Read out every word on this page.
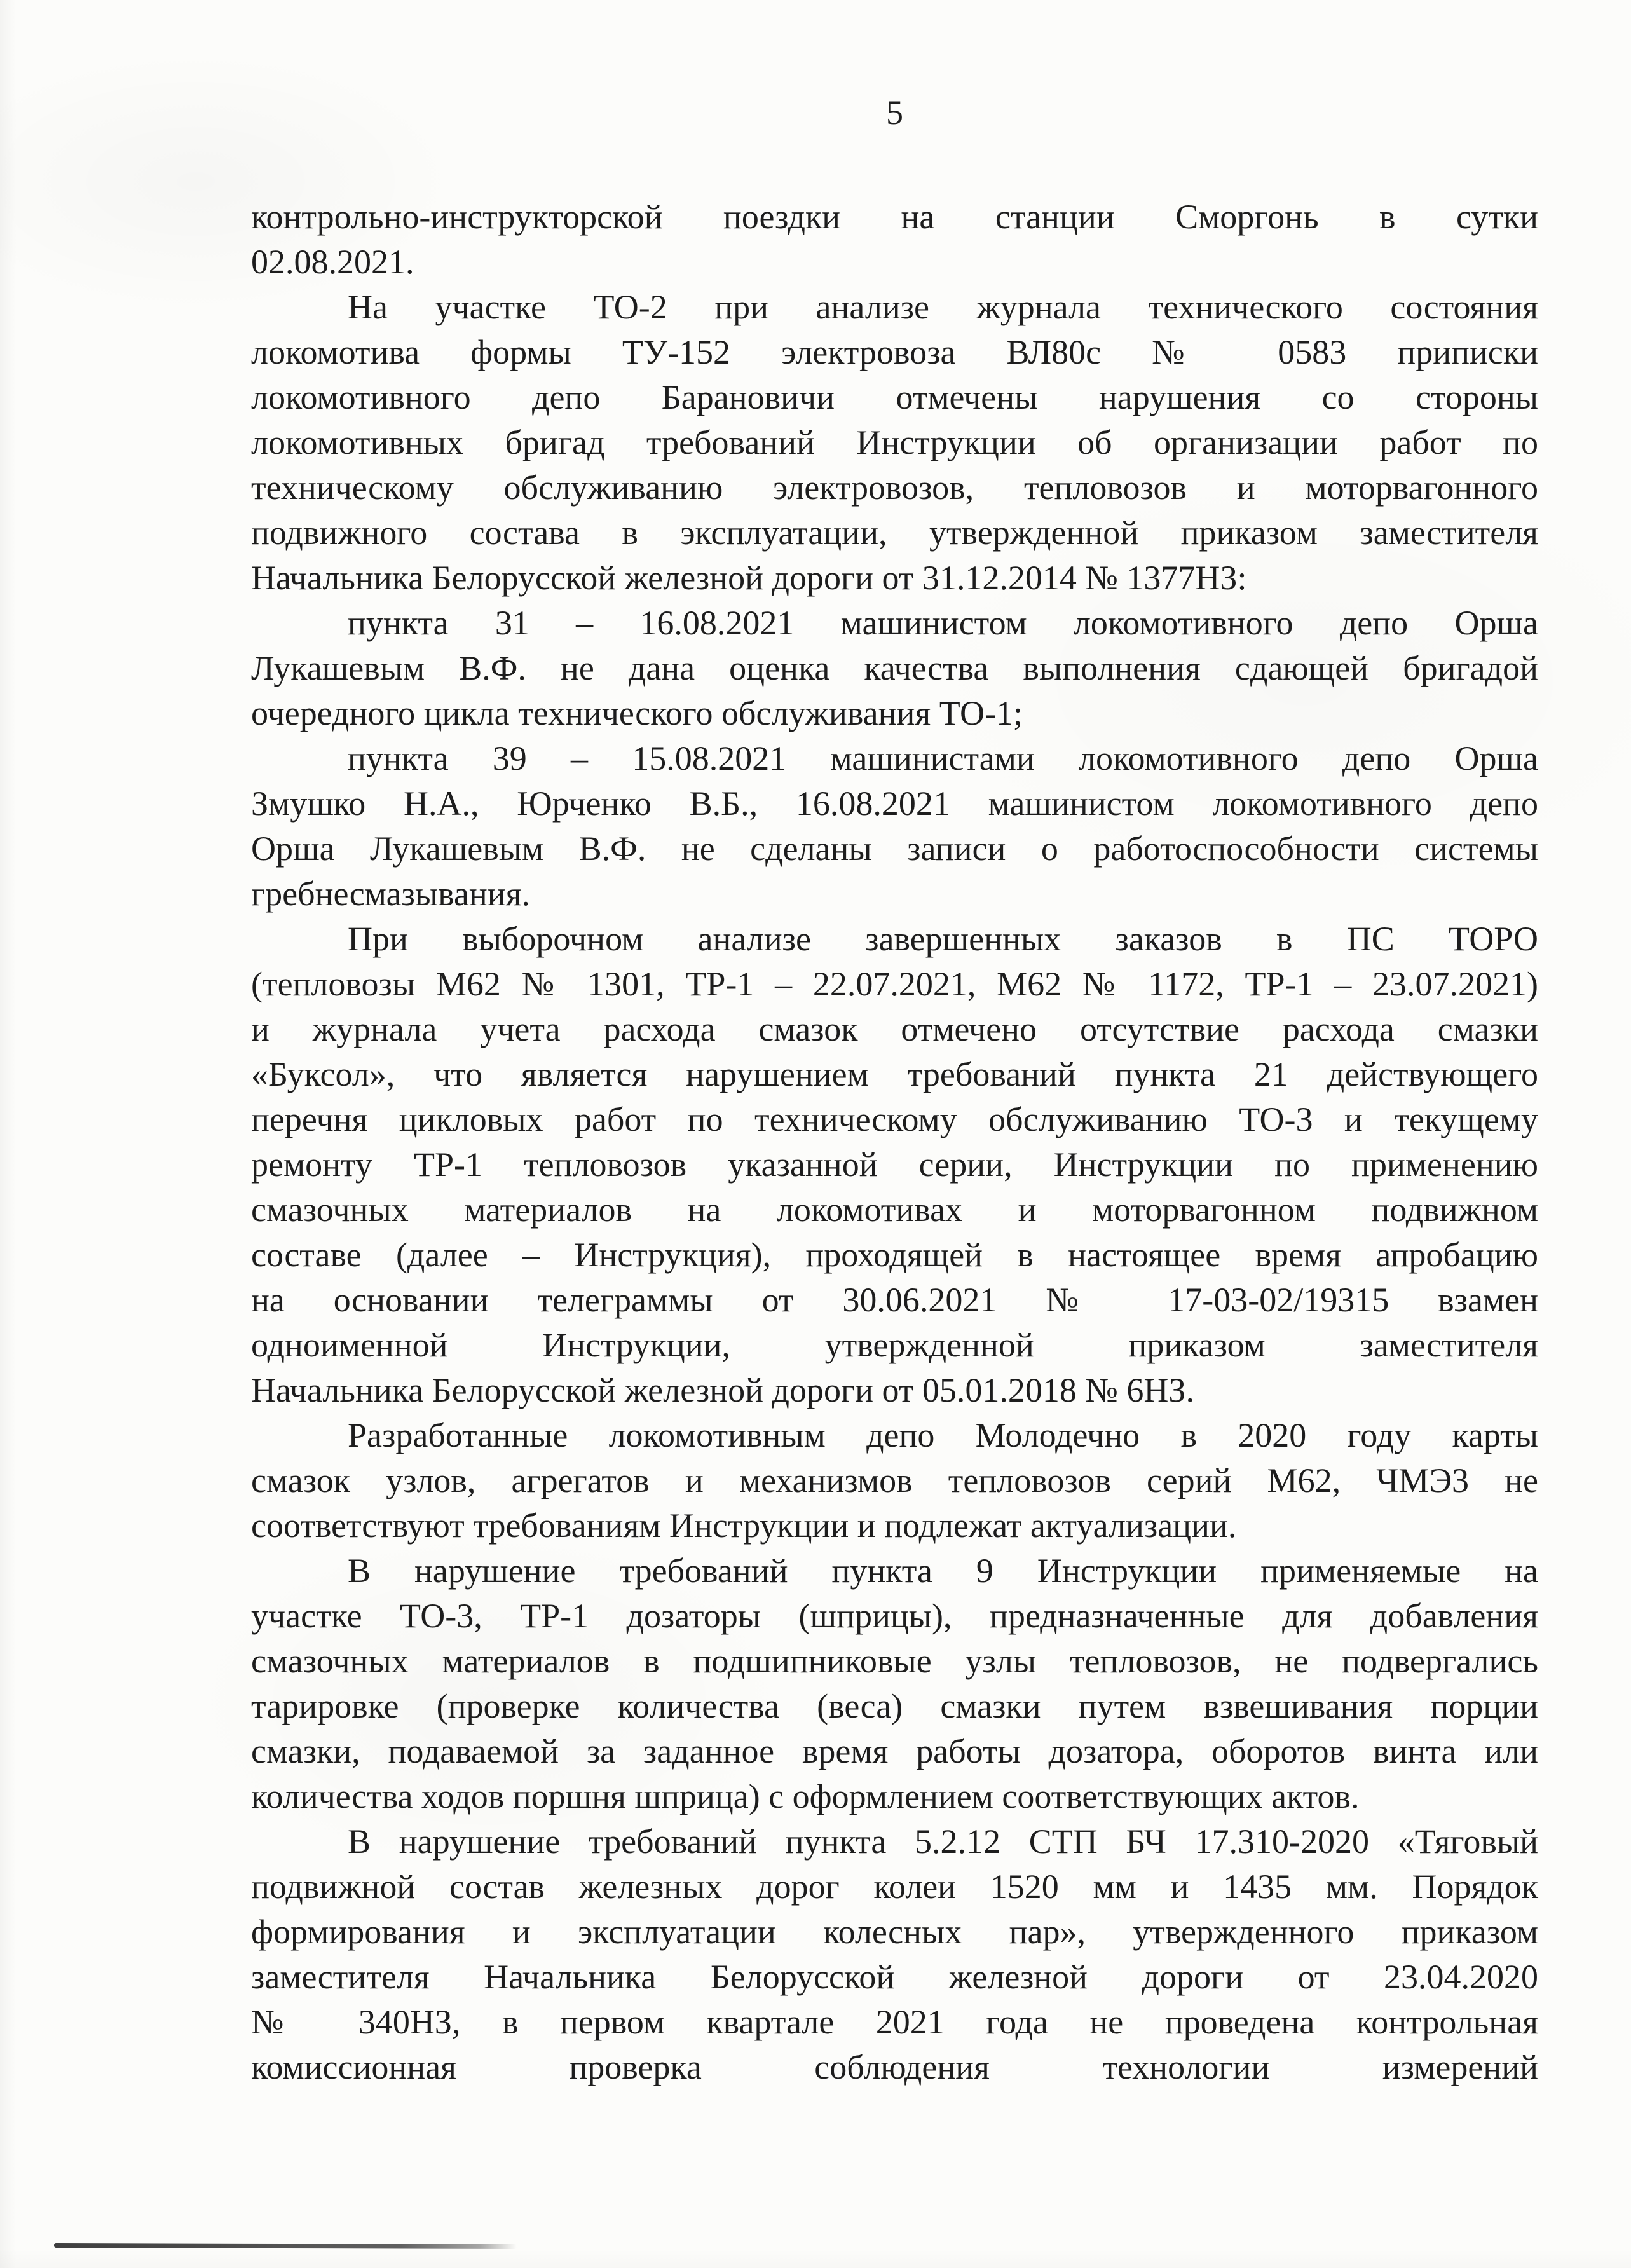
5
контрольно-инструкторской поездки на станции Сморгонь в сутки
02.08.2021.
На участке ТО-2 при анализе журнала технического состояния
локомотива формы ТУ-152 электровоза ВЛ80с № 0583 приписки
локомотивного депо Барановичи отмечены нарушения со стороны
локомотивных бригад требований Инструкции об организации работ по
техническому обслуживанию электровозов, тепловозов и моторвагонного
подвижного состава в эксплуатации, утвержденной приказом заместителя
Начальника Белорусской железной дороги от 31.12.2014 № 1377НЗ:
пункта 31 – 16.08.2021 машинистом локомотивного депо Орша
Лукашевым В.Ф. не дана оценка качества выполнения сдающей бригадой
очередного цикла технического обслуживания ТО-1;
пункта 39 – 15.08.2021 машинистами локомотивного депо Орша
Змушко Н.А., Юрченко В.Б., 16.08.2021 машинистом локомотивного депо
Орша Лукашевым В.Ф. не сделаны записи о работоспособности системы
гребнесмазывания.
При выборочном анализе завершенных заказов в ПС ТОРО
(тепловозы М62 № 1301, ТР-1 – 22.07.2021, М62 № 1172, ТР-1 – 23.07.2021)
и журнала учета расхода смазок отмечено отсутствие расхода смазки
«Буксол», что является нарушением требований пункта 21 действующего
перечня цикловых работ по техническому обслуживанию ТО-3 и текущему
ремонту ТР-1 тепловозов указанной серии, Инструкции по применению
смазочных материалов на локомотивах и моторвагонном подвижном
составе (далее – Инструкция), проходящей в настоящее время апробацию
на основании телеграммы от 30.06.2021 № 17-03-02/19315 взамен
одноименной Инструкции, утвержденной приказом заместителя
Начальника Белорусской железной дороги от 05.01.2018 № 6НЗ.
Разработанные локомотивным депо Молодечно в 2020 году карты
смазок узлов, агрегатов и механизмов тепловозов серий М62, ЧМЭ3 не
соответствуют требованиям Инструкции и подлежат актуализации.
В нарушение требований пункта 9 Инструкции применяемые на
участке ТО-3, ТР-1 дозаторы (шприцы), предназначенные для добавления
смазочных материалов в подшипниковые узлы тепловозов, не подвергались
тарировке (проверке количества (веса) смазки путем взвешивания порции
смазки, подаваемой за заданное время работы дозатора, оборотов винта или
количества ходов поршня шприца) с оформлением соответствующих актов.
В нарушение требований пункта 5.2.12 СТП БЧ 17.310-2020 «Тяговый
подвижной состав железных дорог колеи 1520 мм и 1435 мм. Порядок
формирования и эксплуатации колесных пар», утвержденного приказом
заместителя Начальника Белорусской железной дороги от 23.04.2020
№ 340НЗ, в первом квартале 2021 года не проведена контрольная
комиссионная проверка соблюдения технологии измерений
